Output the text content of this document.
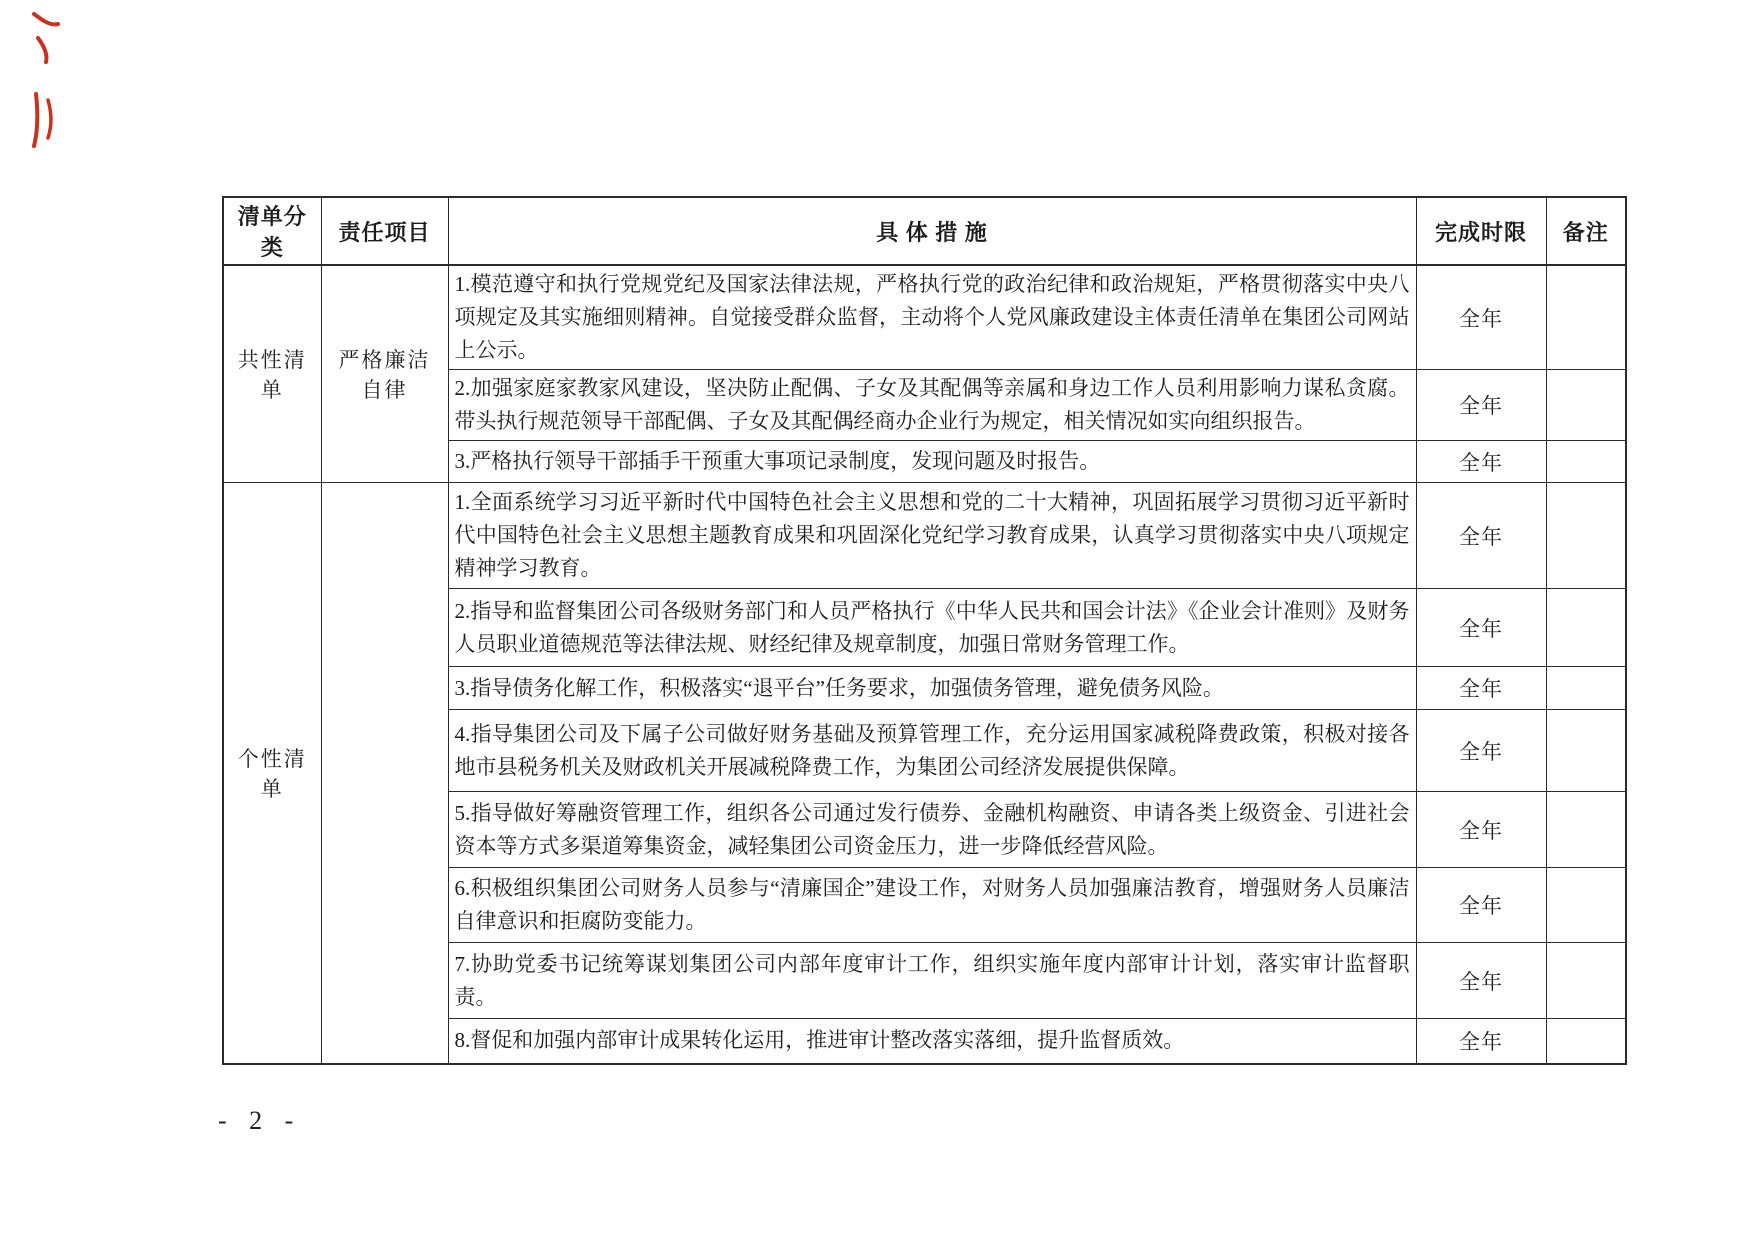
清单分类	责任项目	具 体 措 施	完成时限	备注
共性清单	严格廉洁自律	1.模范遵守和执行党规党纪及国家法律法规，严格执行党的政治纪律和政治规矩，严格贯彻落实中央八项规定及其实施细则精神。自觉接受群众监督，主动将个人党风廉政建设主体责任清单在集团公司网站上公示。	全年	
		2.加强家庭家教家风建设，坚决防止配偶、子女及其配偶等亲属和身边工作人员利用影响力谋私贪腐。带头执行规范领导干部配偶、子女及其配偶经商办企业行为规定，相关情况如实向组织报告。	全年	
		3.严格执行领导干部插手干预重大事项记录制度，发现问题及时报告。	全年	
个性清单		1.全面系统学习习近平新时代中国特色社会主义思想和党的二十大精神，巩固拓展学习贯彻习近平新时代中国特色社会主义思想主题教育成果和巩固深化党纪学习教育成果，认真学习贯彻落实中央八项规定精神学习教育。	全年	
		2.指导和监督集团公司各级财务部门和人员严格执行《中华人民共和国会计法》《企业会计准则》及财务人员职业道德规范等法律法规、财经纪律及规章制度，加强日常财务管理工作。	全年	
		3.指导债务化解工作，积极落实“退平台”任务要求，加强债务管理，避免债务风险。	全年	
		4.指导集团公司及下属子公司做好财务基础及预算管理工作，充分运用国家减税降费政策，积极对接各地市县税务机关及财政机关开展减税降费工作，为集团公司经济发展提供保障。	全年	
		5.指导做好筹融资管理工作，组织各公司通过发行债券、金融机构融资、申请各类上级资金、引进社会资本等方式多渠道筹集资金，减轻集团公司资金压力，进一步降低经营风险。	全年	
		6.积极组织集团公司财务人员参与“清廉国企”建设工作，对财务人员加强廉洁教育，增强财务人员廉洁自律意识和拒腐防变能力。	全年	
		7.协助党委书记统筹谋划集团公司内部年度审计工作，组织实施年度内部审计计划，落实审计监督职责。	全年	
		8.督促和加强内部审计成果转化运用，推进审计整改落实落细，提升监督质效。	全年	
- 2 -
